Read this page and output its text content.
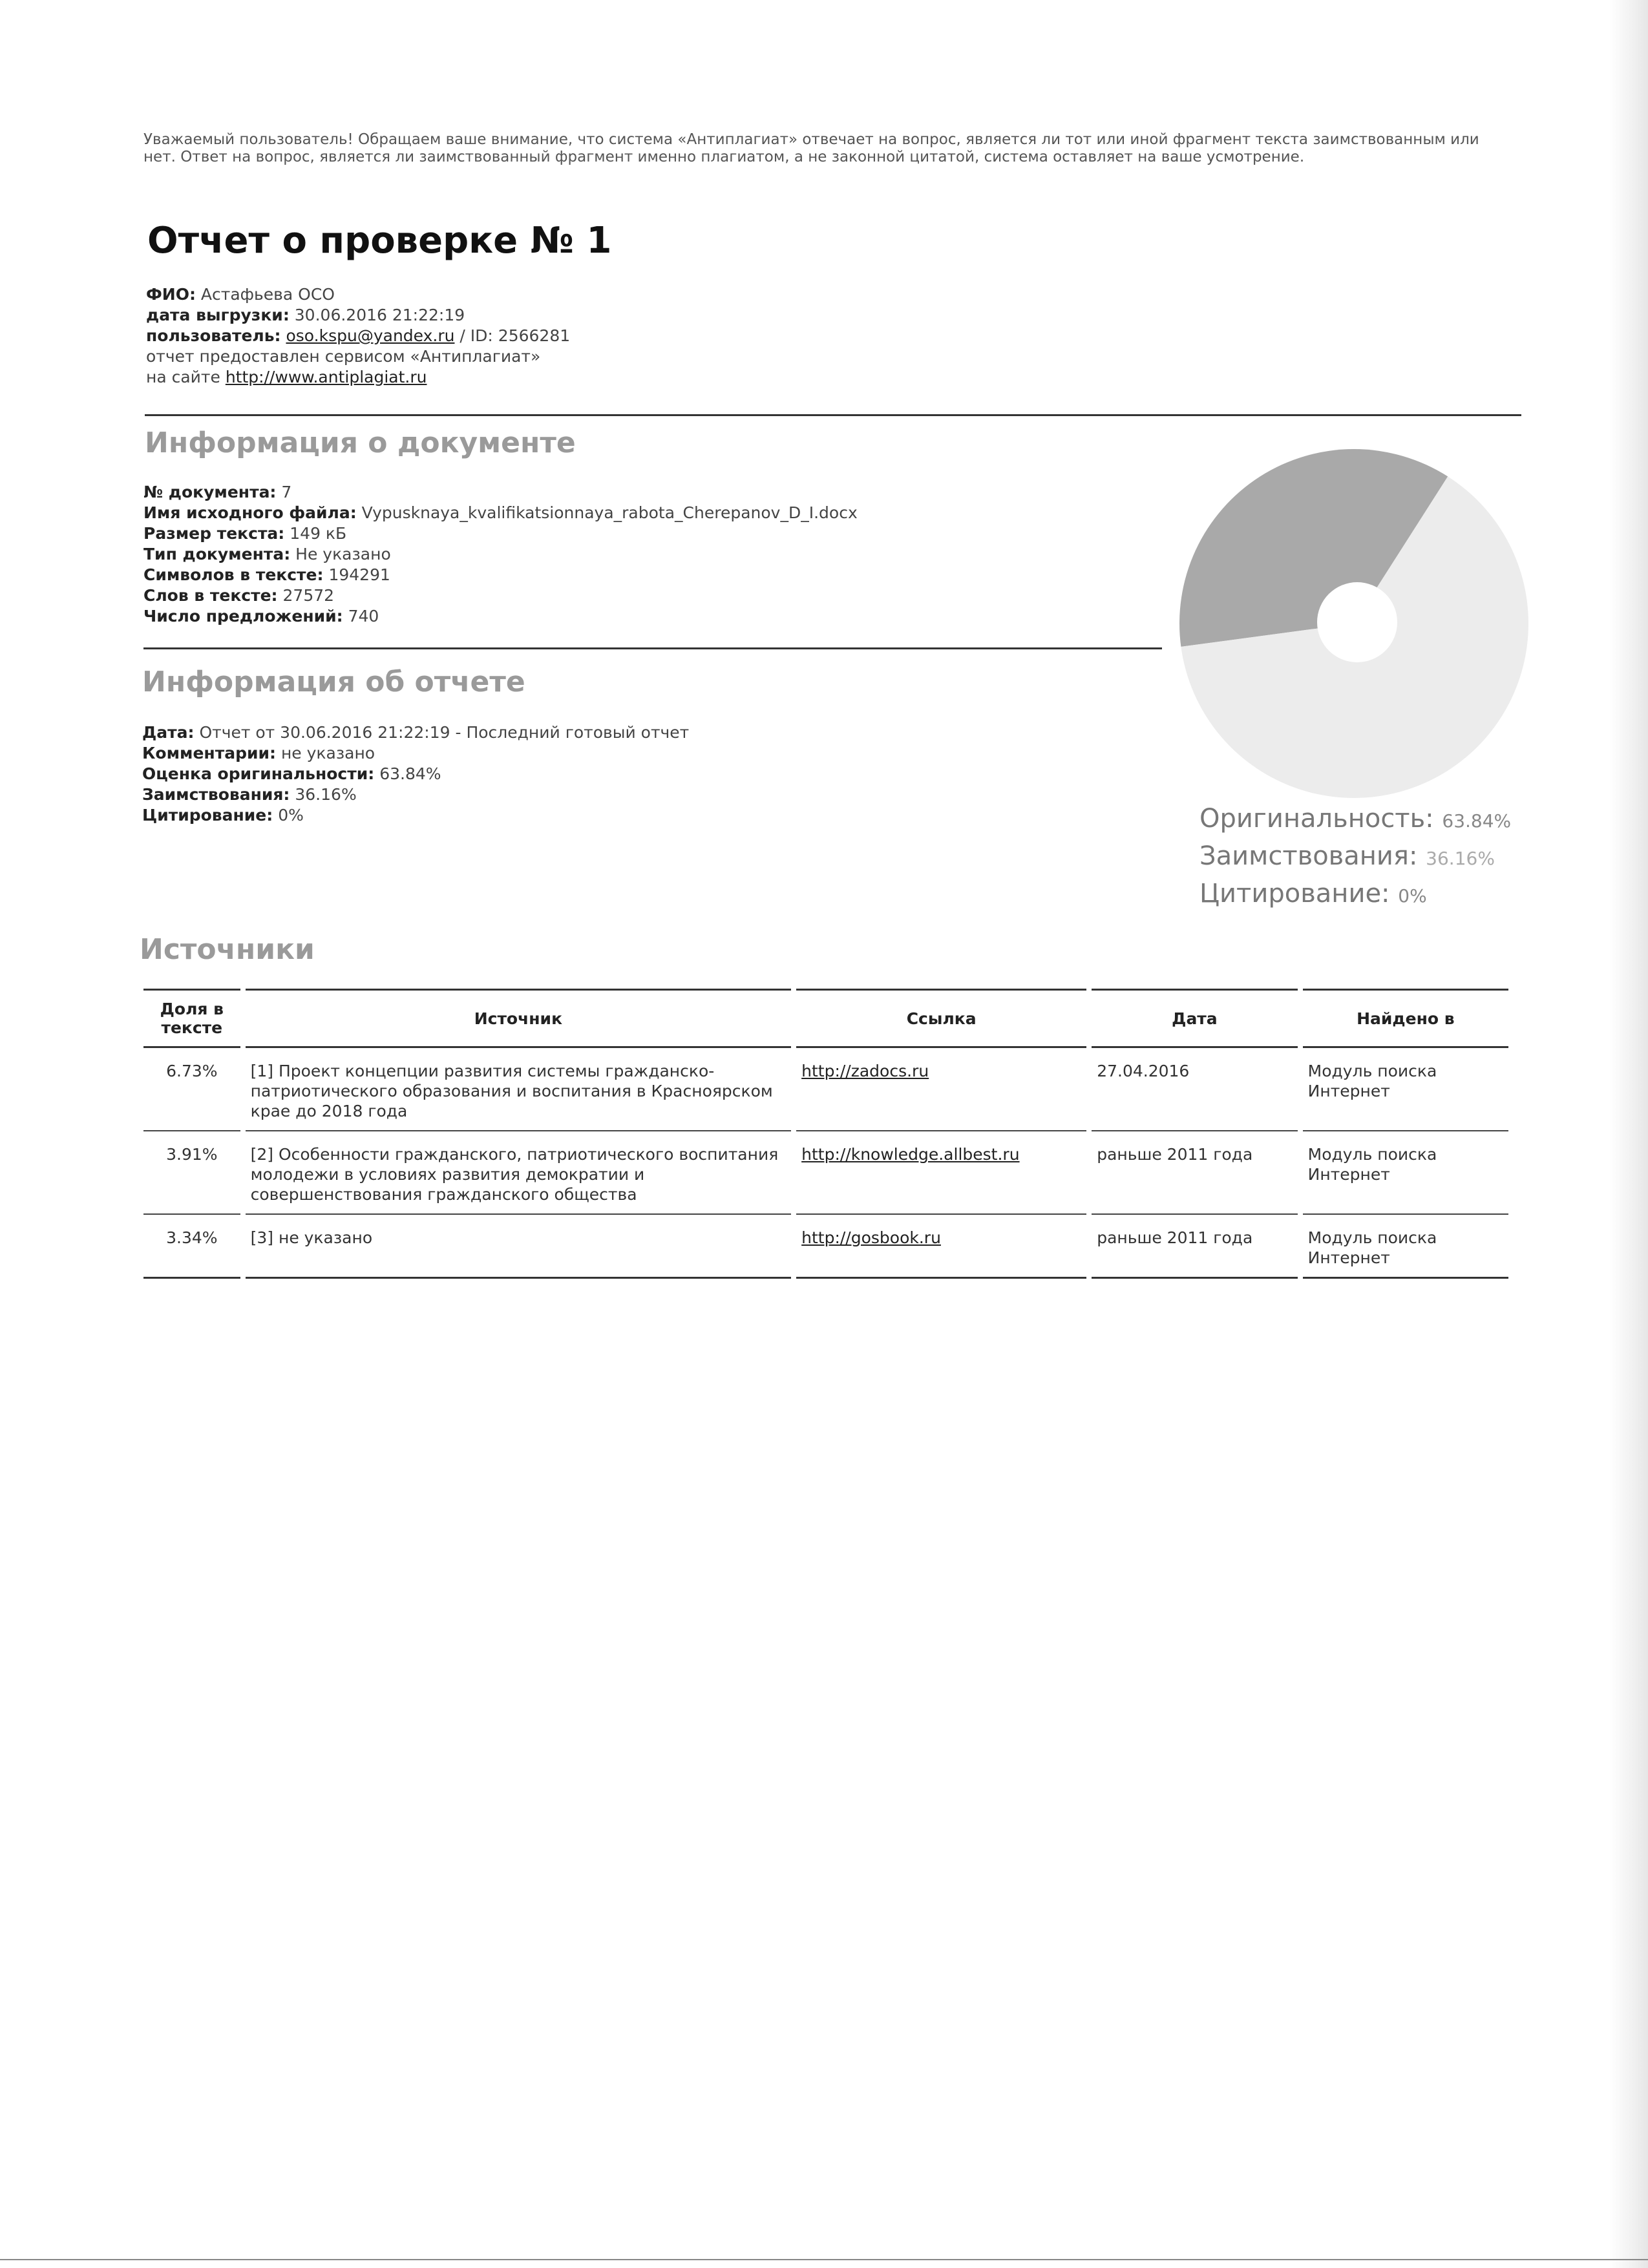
Уважаемый пользователь! Обращаем ваше внимание, что система «Антиплагиат» отвечает на вопрос, является ли тот или иной фрагмент текста заимствованным или нет. Ответ на вопрос, является ли заимствованный фрагмент именно плагиатом, а не законной цитатой, система оставляет на ваше усмотрение.
Отчет о проверке № 1
ФИО: Астафьева ОСО
дата выгрузки: 30.06.2016 21:22:19
пользователь: oso.kspu@yandex.ru / ID: 2566281
отчет предоставлен сервисом «Антиплагиат»
на сайте http://www.antiplagiat.ru
Информация о документе
№ документа: 7
Имя исходного файла: Vypusknaya_kvalifikatsionnaya_rabota_Cherepanov_D_I.docx
Размер текста: 149 кБ
Тип документа: Не указано
Символов в тексте: 194291
Слов в тексте: 27572
Число предложений: 740
Информация об отчете
Дата: Отчет от 30.06.2016 21:22:19 - Последний готовый отчет
Комментарии: не указано
Оценка оригинальности: 63.84%
Заимствования: 36.16%
Цитирование: 0%	Оригинальность: 63.84%
Заимствования: 36.16%
Цитирование: 0%
Источники
Доля в тексте	Источник	Ссылка	Дата	Найдено в
6.73%	[1] Проект концепции развития системы гражданско-патриотического образования и воспитания в Красноярском крае до 2018 года	http://zadocs.ru	27.04.2016	Модуль поиска Интернет
3.91%	[2] Особенности гражданского, патриотического воспитания молодежи в условиях развития демократии и совершенствования гражданского общества	http://knowledge.allbest.ru	раньше 2011 года	Модуль поиска Интернет
3.34%	[3] не указано	http://gosbook.ru	раньше 2011 года	Модуль поиска Интернет
